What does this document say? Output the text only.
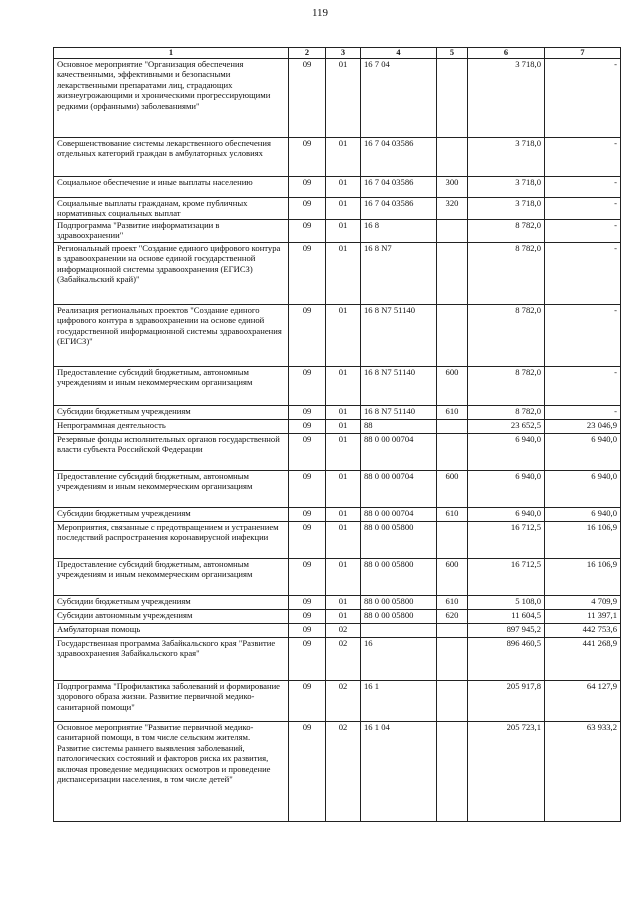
119
1	2	3	4	5	6	7
Основное мероприятие "Организация обеспечения качественными, эффективными и безопасными лекарственными препаратами лиц, страдающих жизнеугрожающими и хроническими прогрессирующими редкими (орфанными) заболеваниями"	09	01	16 7 04		3 718,0	-
Совершенствование системы лекарственного обеспечения отдельных категорий граждан в амбулаторных условиях	09	01	16 7 04 03586		3 718,0	-
Социальное обеспечение и иные выплаты населению	09	01	16 7 04 03586	300	3 718,0	-
Социальные выплаты гражданам, кроме публичных нормативных социальных выплат	09	01	16 7 04 03586	320	3 718,0	-
Подпрограмма "Развитие информатизации в здравоохранении"	09	01	16 8		8 782,0	-
Региональный проект "Создание единого цифрового контура в здравоохранении на основе единой государственной информационной системы здравоохранения (ЕГИСЗ) (Забайкальский край)"	09	01	16 8 N7		8 782,0	-
Реализация региональных проектов "Создание единого цифрового контура в здравоохранении на основе единой государственной информационной системы здравоохранения (ЕГИСЗ)"	09	01	16 8 N7 51140		8 782,0	-
Предоставление субсидий бюджетным, автономным учреждениям и иным некоммерческим организациям	09	01	16 8 N7 51140	600	8 782,0	-
Субсидии бюджетным учреждениям	09	01	16 8 N7 51140	610	8 782,0	-
Непрограммная деятельность	09	01	88		23 652,5	23 046,9
Резервные фонды исполнительных органов государственной власти субъекта Российской Федерации	09	01	88 0 00 00704		6 940,0	6 940,0
Предоставление субсидий бюджетным, автономным учреждениям и иным некоммерческим организациям	09	01	88 0 00 00704	600	6 940,0	6 940,0
Субсидии бюджетным учреждениям	09	01	88 0 00 00704	610	6 940,0	6 940,0
Мероприятия, связанные с предотвращением и устранением последствий распространения коронавирусной инфекции	09	01	88 0 00 05800		16 712,5	16 106,9
Предоставление субсидий бюджетным, автономным учреждениям и иным некоммерческим организациям	09	01	88 0 00 05800	600	16 712,5	16 106,9
Субсидии бюджетным учреждениям	09	01	88 0 00 05800	610	5 108,0	4 709,9
Субсидии автономным учреждениям	09	01	88 0 00 05800	620	11 604,5	11 397,1
Амбулаторная помощь	09	02			897 945,2	442 753,6
Государственная программа Забайкальского края "Развитие здравоохранения Забайкальского края"	09	02	16		896 460,5	441 268,9
Подпрограмма "Профилактика заболеваний и формирование здорового образа жизни. Развитие первичной медико-санитарной помощи"	09	02	16 1		205 917,8	64 127,9
Основное мероприятие "Развитие первичной медико-санитарной помощи, в том числе сельским жителям. Развитие системы раннего выявления заболеваний, патологических состояний и факторов риска их развития, включая проведение медицинских осмотров и проведение диспансеризации населения, в том числе детей"	09	02	16 1 04		205 723,1	63 933,2
